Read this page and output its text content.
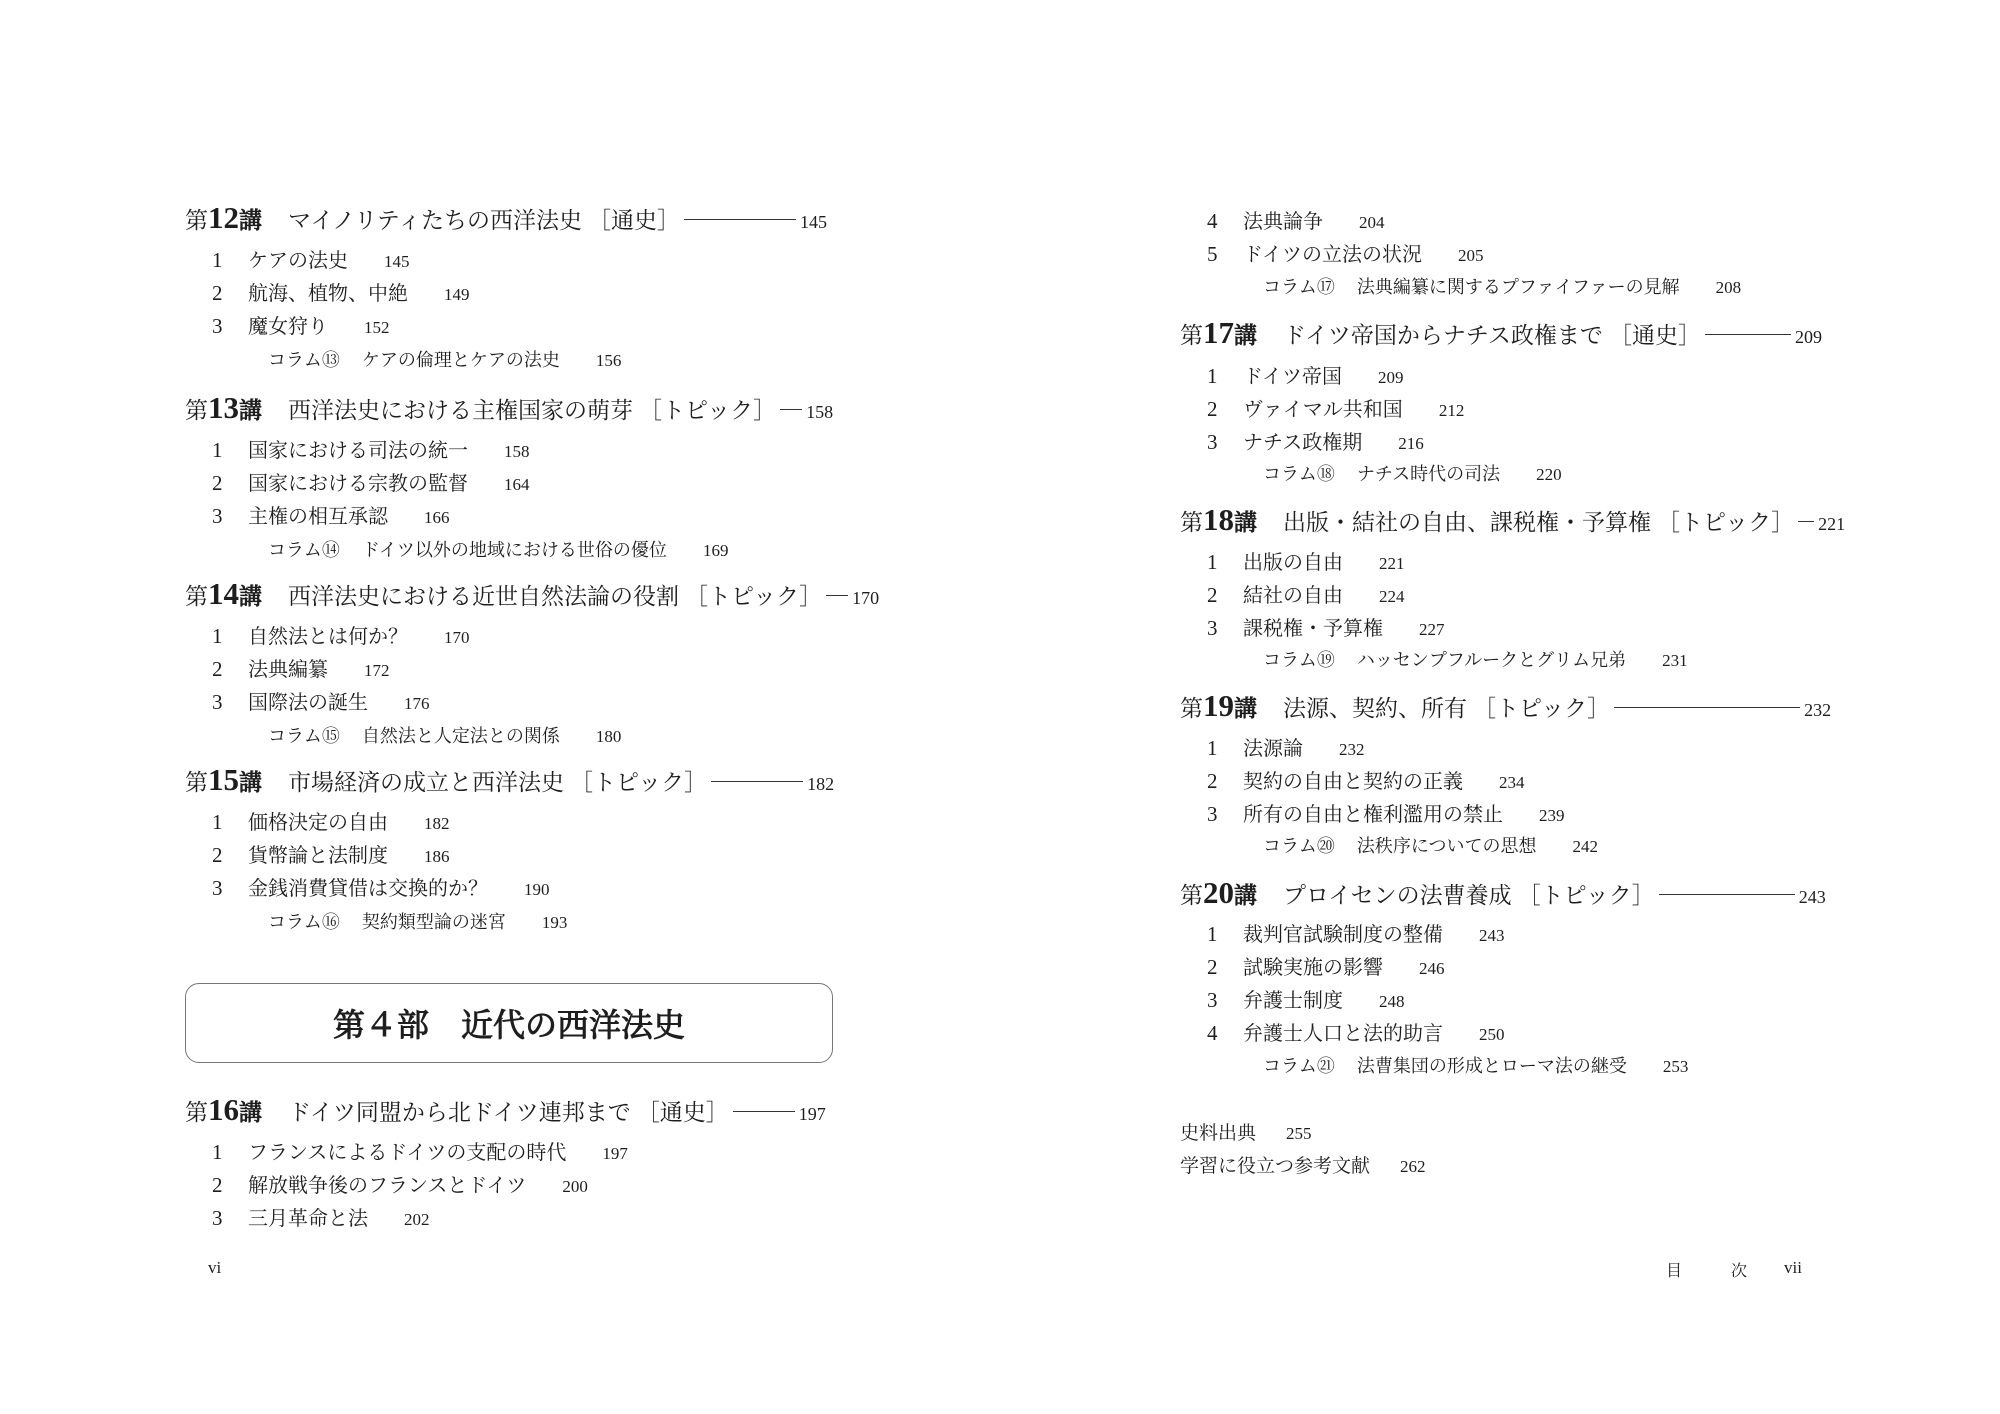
第 12 講 マイノリティたちの西洋法史 ［通史］	145
1 ケアの法史 145
2 航海、植物、中絶 149
3 魔女狩り 152
コラム⑬ ケアの倫理とケアの法史 156
第 13 講 西洋法史における主権国家の萌芽 ［トピック］ 158
1 国家における司法の統一 158
2 国家における宗教の監督 164
3 主権の相互承認 166
コラム⑭ ドイツ以外の地域における世俗の優位 169
第 14 講 西洋法史における近世自然法論の役割 ［トピック］ 170
1 自然法とは何か？ 170
2 法典編纂 172
3 国際法の誕生 176
コラム⑮ 自然法と人定法との関係 180
第 15 講 市場経済の成立と西洋法史 ［トピック］	182
1 価格決定の自由 182
2 貨幣論と法制度 186
3 金銭消費貸借は交換的か？ 190
コラム⑯ 契約類型論の迷宮 193
第４部　近代の西洋法史
第 16 講 ドイツ同盟から北ドイツ連邦まで ［通史］	197
1 フランスによるドイツの支配の時代 197
2 解放戦争後のフランスとドイツ 200
3 三月革命と法 202
vi
4 法典論争 204
5 ドイツの立法の状況 205
コラム⑰ 法典編纂に関するプファイファーの見解 208
第 17 講 ドイツ帝国からナチス政権まで ［通史］	209
1 ドイツ帝国 209
2 ヴァイマル共和国 212
3 ナチス政権期 216
コラム⑱ ナチス時代の司法 220
第 18 講 出版・結社の自由、課税権・予算権 ［トピック］ 221
1 出版の自由 221
2 結社の自由 224
3 課税権・予算権 227
コラム⑲ ハッセンプフルークとグリム兄弟 231
第 19 講 法源、契約、所有 ［トピック］	232
1 法源論 232
2 契約の自由と契約の正義 234
3 所有の自由と権利濫用の禁止 239
コラム⑳ 法秩序についての思想 242
第 20 講 プロイセンの法曹養成 ［トピック］	243
1 裁判官試験制度の整備 243
2 試験実施の影響 246
3 弁護士制度 248
4 弁護士人口と法的助言 250
コラム㉑ 法曹集団の形成とローマ法の継受 253
史料出典 255
学習に役立つ参考文献 262
目	次 vii
